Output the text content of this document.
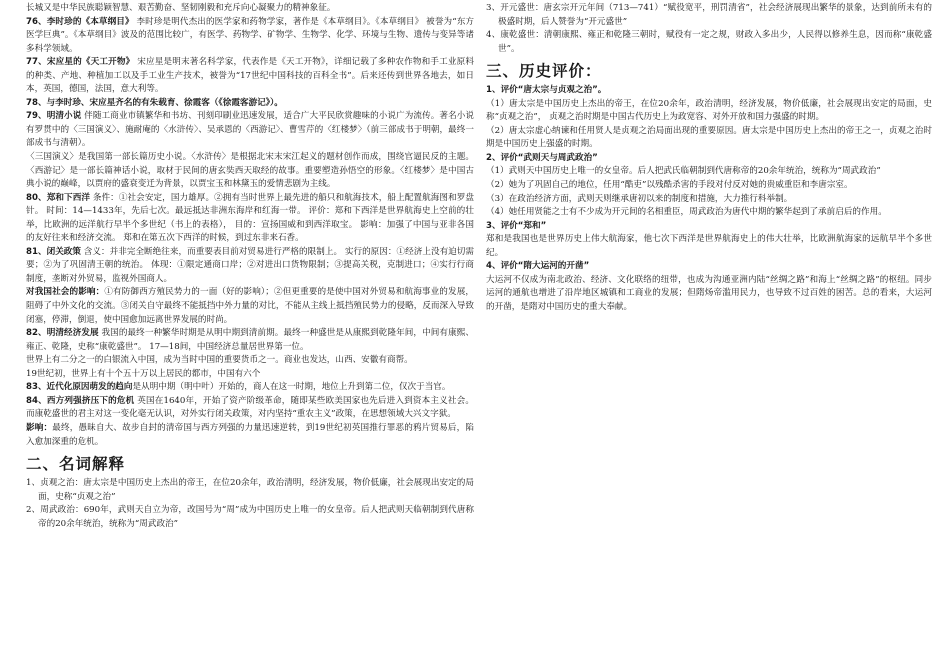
长城又是中华民族聪颖智慧、艰苦勤奋、坚韧刚毅和充斥向心凝聚力的精神象征。

76、李时珍的《本草纲目》 李时珍是明代杰出的医学家和药物学家，著作是《本草纲目》。《本草纲目》 被誉为“东方医学巨典”。《本草纲目》波及的范围比较广，有医学、药物学、矿物学、生物学、化学、环境与生物、遗传与变异等诸多科学领域。

77、宋应星的《天工开物》 宋应星是明末著名科学家，代表作是《天工开物》，详细记载了多种农作物和手工业原料的种类、产地、种植加工以及手工业生产技术，被誉为“17世纪中国科技的百科全书”。后来还传到世界各地去，如日本，英国，德国，法国，意大利等。

78、与李时珍、宋应星齐名的有朱载育、徐霞客（《徐霞客游记》）。

79、明清小说 伴随工商业市镇繁华和书坊、刊刻印刷业迅速发展，适合广大平民欣赏趣味的小说广为流传。著名小说有罗贯中的〈三国演义〉、施耐庵的〈水浒传〉、吴承恩的〈西游记〉、曹雪芹的〈红楼梦〉（前三部成书于明朝，最终一部成书与清朝）。

〈三国演义〉是我国第一部长篇历史小说。〈水浒传〉是根据北宋末宋江起义的题材创作而成，围绕官逼民反的主题。〈西游记〉是一部长篇神话小说，取材于民间的唐玄奘西天取经的故事。重要塑造孙悟空的形象。〈红楼梦〉是中国古典小说的巅峰，以贾府的盛衰变迁为背景，以贾宝玉和林黛玉的爱情悲剧为主线。

80、郑和下西洋 条件：①社会安定，国力雄厚。②拥有当时世界上最先进的船只和航海技术，船上配置航海图和罗盘针。 时间：14—1433年，先后七次。最远抵达非洲东海岸和红海一带。 评价：郑和下西洋是世界航海史上空前的壮举，比欧洲的远洋航行早半个多世纪（书上的表格）， 目的：宣扬国威和到西洋取宝。 影响：加强了中国与亚非各国的友好往来和经济交流。 郑和在第五次下西洋的时候，到过东非来石香。

81、闭关政策 含义：并非完全断绝往来，而重要表目前对贸易进行严格的限制上。 实行的原因：①经济上没有迫切需要；②为了巩固清王朝的统治。 体现：①限定通商口岸；②对进出口货物限制；③提高关税，克制进口；④实行行商制度，垄断对外贸易，监视外国商人。

对我国社会的影响：①有防御西方殖民势力的一面（好的影响）；②但更重要的是使中国对外贸易和航海事业的发展，阻碍了中外文化的交流。③闭关自守最终不能抵挡中外力量的对比，不能从主线上抵挡殖民势力的侵略，反而深入导致闭塞，停滞，倒退，使中国愈加远离世界发展的时尚。

82、明清经济发展 我国的最终一种繁华时期是从明中期到清前期。最终一种盛世是从康熙到乾隆年间，中间有康熙、雍正、乾隆，史称“康乾盛世”。 17—18间，中国经济总量居世界第一位。

世界上有二分之一的白银流入中国，成为当时中国的重要货币之一。商业也发达，山西、安徽有商帮。

19世纪初，世界上有十个五十万以上居民的都市，中国有六个

83、近代化原因萌发的趋向是从明中期（明中叶）开始的，商人在这一时期，地位上升到第二位，仅次于当官。

84、西方列强挤压下的危机 英国在1640年，开始了资产阶级革命，随即某些欧美国家也先后进入到资本主义社会。而康乾盛世的君主对这一变化毫无认识，对外实行闭关政策，对内坚持“重农主义”政策，在思想领域大兴文字狱。

影响：最终，愚昧自大、故步自封的清帝国与西方列强的力量迅速逆转，到19世纪初英国推行罪恶的鸦片贸易后，陷入愈加深重的危机。

二、名词解释

1、贞观之治：唐太宗是中国历史上杰出的帝王，在位20余年，政治清明，经济发展，物价低廉，社会展现出安定的局面，史称“贞观之治”

2、周武政治：690年，武则天自立为帝，改国号为“周”成为中国历史上唯一的女皇帝。后人把武则天临朝制到代唐称帝的20余年统治，统称为“周武政治”

3、开元盛世：唐玄宗开元年间（713—741）“赋役宽平，刑罚清省”，社会经济展现出繁华的景象，达到前所未有的极盛时期，后人赞誉为“开元盛世”

4、康乾盛世：清朝康熙、雍正和乾隆三朝时，赋役有一定之规，财政入多出少，人民得以修养生息，因而称“康乾盛世”。

三、历史评价：

1、评价“唐太宗与贞观之治”。

（1）唐太宗是中国历史上杰出的帝王，在位20余年，政治清明，经济发展，物价低廉，社会展现出安定的局面，史称“贞观之治”， 贞观之治时期是中国古代历史上为政宽容、对外开放和国力强盛的时期。

（2）唐太宗虚心纳谏和任用贤人是贞观之治局面出现的重要原因。唐太宗是中国历史上杰出的帝王之一，贞观之治时期是中国历史上强盛的时期。

2、评价“武则天与周武政治”

（1）武则天中国历史上唯一的女皇帝。后人把武氏临朝制到代唐称帝的20余年统治，统称为“周武政治”

（2）她为了巩固自己的地位，任用“酷吏”以残酷杀害的手段对付反对她的贵威重臣和李唐宗室。

（3）在政治经济方面，武则天则继承唐初以来的制度和措施，大力推行科举制。

（4）她任用贤能之士有不少成为开元间的名相重臣，周武政治为唐代中期的繁华起到了承前启后的作用。

3、评价“郑和”

郑和是我国也是世界历史上伟大航海家，他七次下西洋是世界航海史上的伟大壮举，比欧洲航海家的远航早半个多世纪。

4、评价“隋大运河的开凿”

大运河不仅成为南北政治、经济、文化联络的纽带，也成为沟通亚洲内陆“丝绸之路”和海上“丝绸之路”的枢纽。同步运河的通航也增进了沿岸地区城镇和工商业的发展；但隋炀帝滥用民力，也导致不过百姓的困苦。总的看来，大运河的开凿，是隋对中国历史的重大奉献。
